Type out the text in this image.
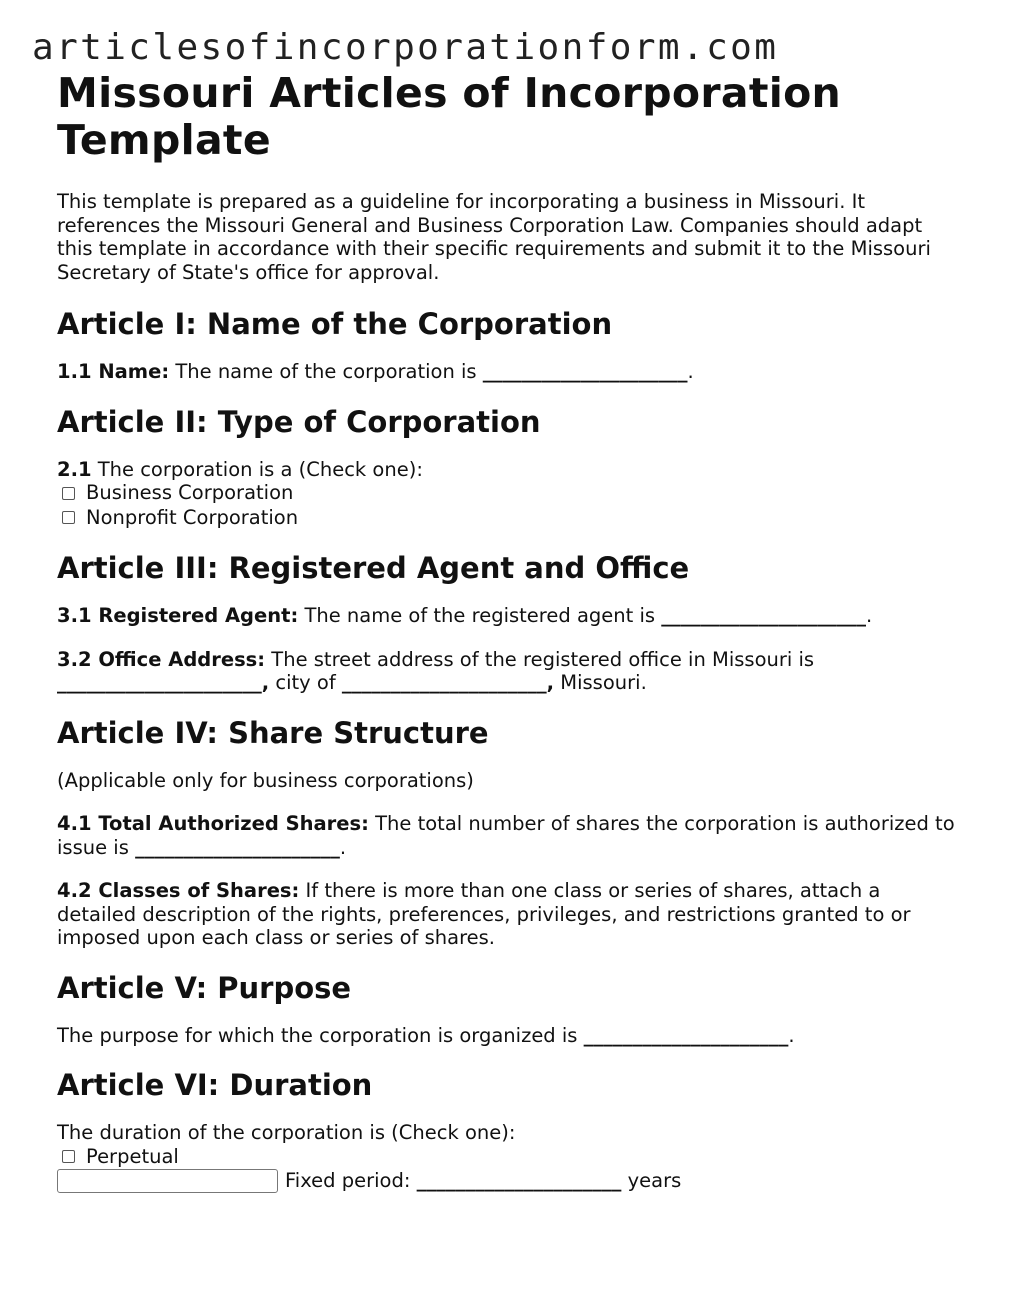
articlesofincorporationform.com
Missouri Articles of Incorporation Template

This template is prepared as a guideline for incorporating a business in Missouri. It references the Missouri General and Business Corporation Law. Companies should adapt this template in accordance with their specific requirements and submit it to the Missouri Secretary of State's office for approval.

Article I: Name of the Corporation

1.1 Name: The name of the corporation is _____________________.

Article II: Type of Corporation

2.1 The corporation is a (Check one):

Business Corporation
Nonprofit Corporation
Article III: Registered Agent and Office

3.1 Registered Agent: The name of the registered agent is _____________________.

3.2 Office Address: The street address of the registered office in Missouri is _____________________, city of _____________________, Missouri.

Article IV: Share Structure

(Applicable only for business corporations)

4.1 Total Authorized Shares: The total number of shares the corporation is authorized to issue is _____________________.

4.2 Classes of Shares: If there is more than one class or series of shares, attach a detailed description of the rights, preferences, privileges, and restrictions granted to or imposed upon each class or series of shares.

Article V: Purpose

The purpose for which the corporation is organized is _____________________.

Article VI: Duration

The duration of the corporation is (Check one):

Perpetual
Fixed period:
_____________________
years
